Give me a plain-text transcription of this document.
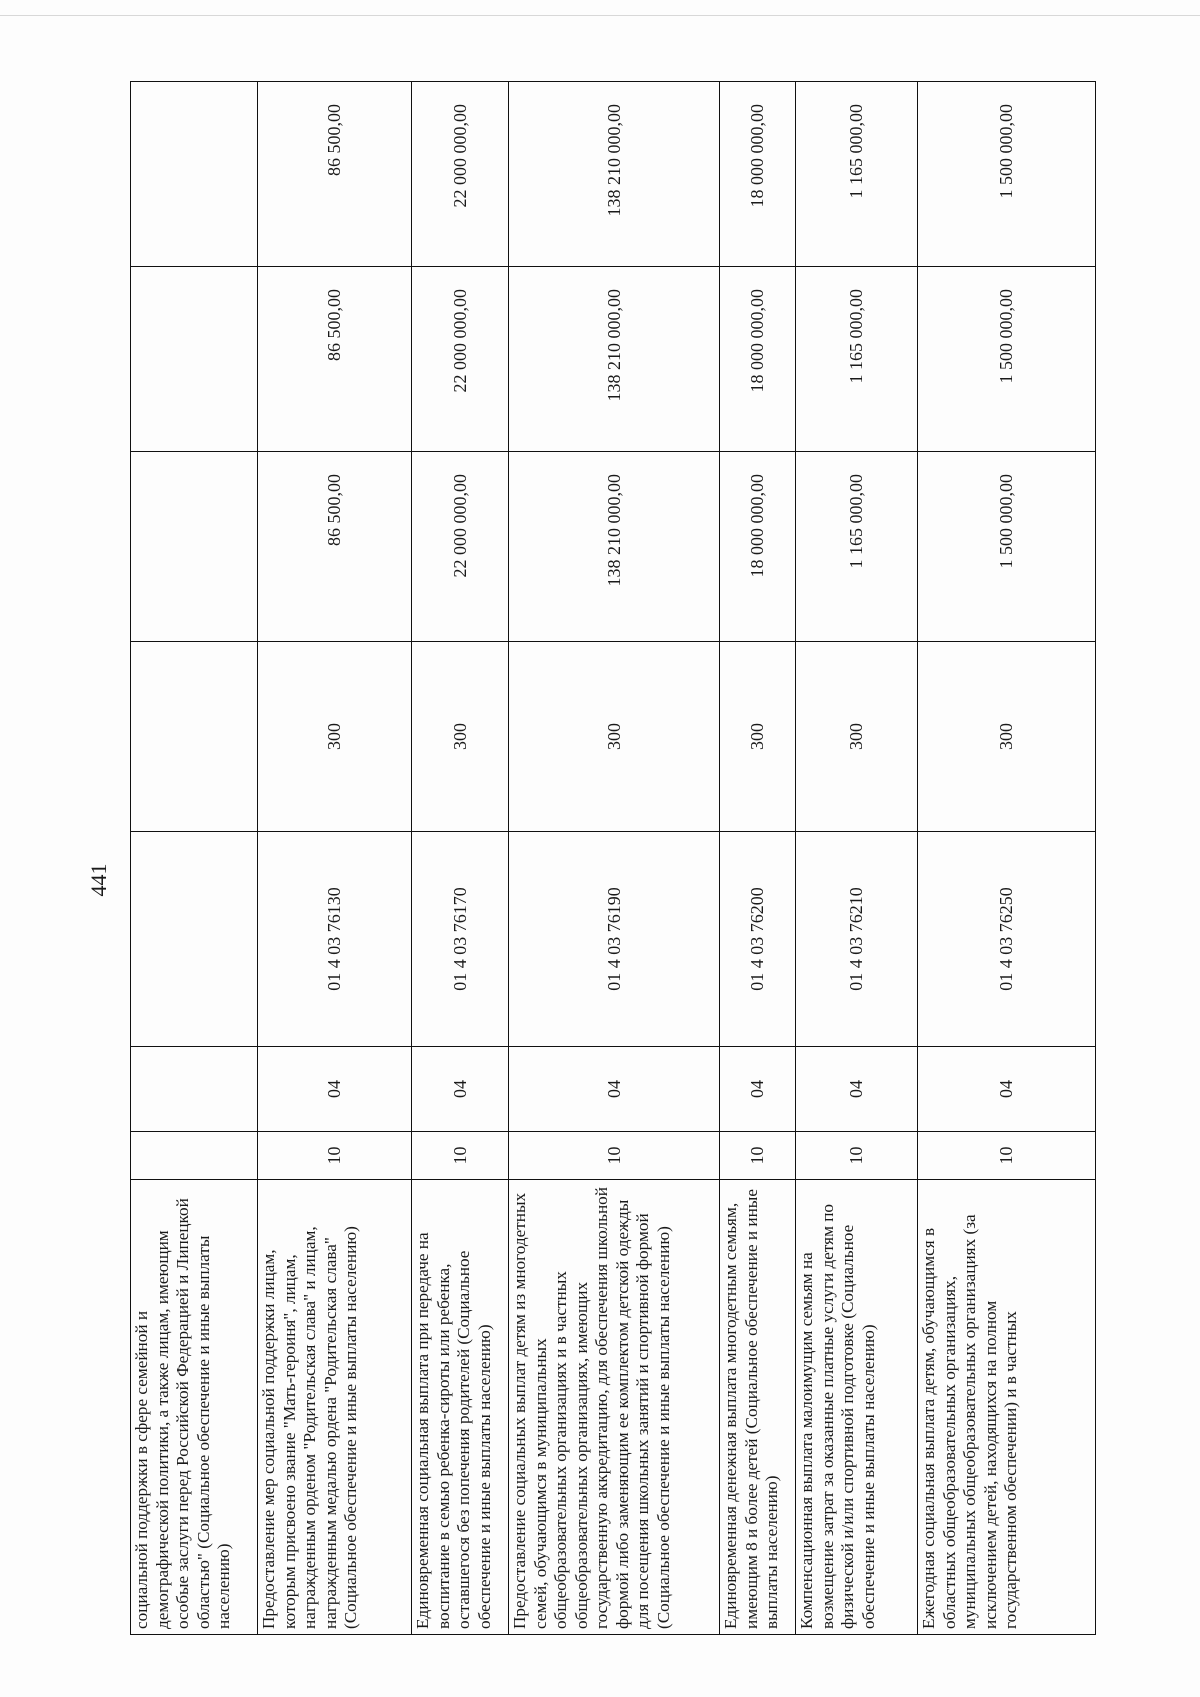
441
социальной поддержки в сфере семейной и демографической политики, а также лицам, имеющим особые заслуги перед Российской Федерацией и Липецкой областью" (Социальное обеспечение и иные выплаты населению)							
Предоставление мер социальной поддержки лицам, которым присвоено звание "Мать-героиня", лицам, награжденным орденом "Родительская слава" и лицам, награжденным медалью ордена "Родительская слава" (Социальное обеспечение и иные выплаты населению)	10	04	01 4 03 76130	300	86 500,00	86 500,00	86 500,00
Единовременная социальная выплата при передаче на воспитание в семью ребенка-сироты или ребенка, оставшегося без попечения родителей (Социальное обеспечение и иные выплаты населению)	10	04	01 4 03 76170	300	22 000 000,00	22 000 000,00	22 000 000,00
Предоставление социальных выплат детям из многодетных семей, обучающимся в муниципальных общеобразовательных организациях и в частных общеобразовательных организациях, имеющих государственную аккредитацию, для обеспечения школьной формой либо заменяющим ее комплектом детской одежды для посещения школьных занятий и спортивной формой (Социальное обеспечение и иные выплаты населению)	10	04	01 4 03 76190	300	138 210 000,00	138 210 000,00	138 210 000,00
Единовременная денежная выплата многодетным семьям, имеющим 8 и более детей (Социальное обеспечение и иные выплаты населению)	10	04	01 4 03 76200	300	18 000 000,00	18 000 000,00	18 000 000,00
Компенсационная выплата малоимущим семьям на возмещение затрат за оказанные платные услуги детям по физической и/или спортивной подготовке (Социальное обеспечение и иные выплаты населению)	10	04	01 4 03 76210	300	1 165 000,00	1 165 000,00	1 165 000,00
Ежегодная социальная выплата детям, обучающимся в областных общеобразовательных организациях, муниципальных общеобразовательных организациях (за исключением детей, находящихся на полном государственном обеспечении) и в частных	10	04	01 4 03 76250	300	1 500 000,00	1 500 000,00	1 500 000,00
